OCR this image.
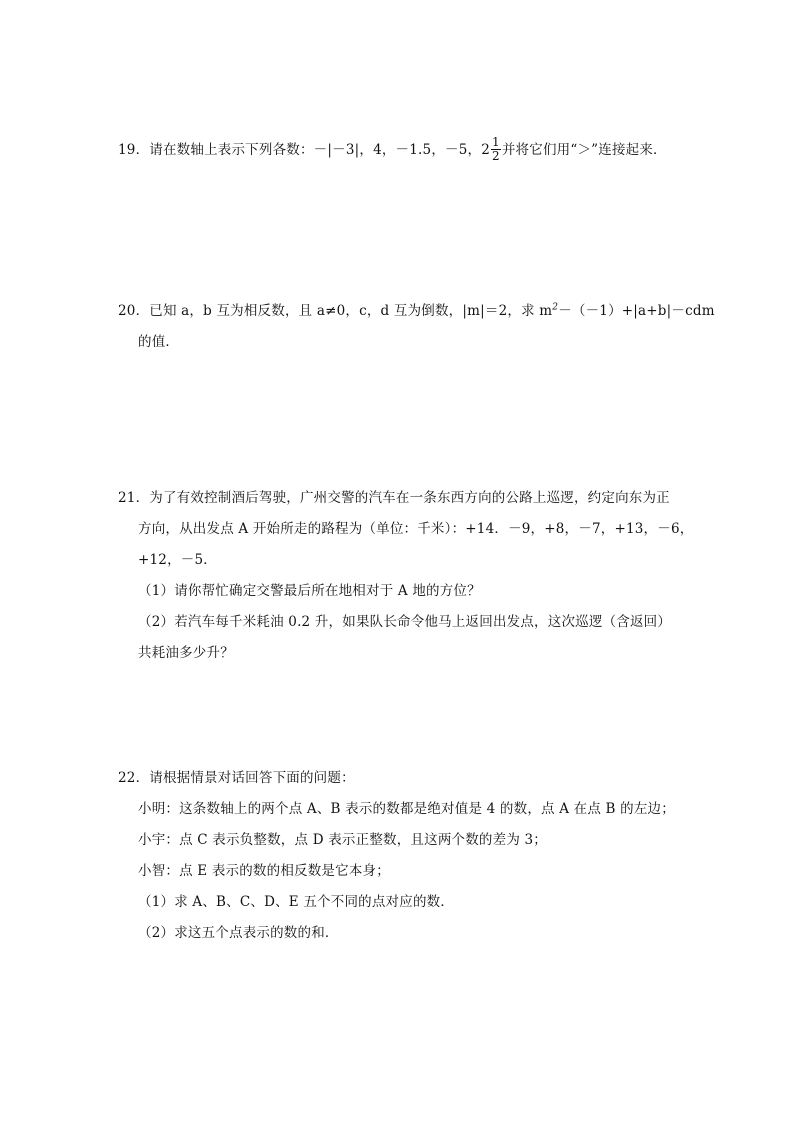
19．请在数轴上表示下列各数：－|－3|，4，－1.5，－5，$2 \frac{1}{2}$ 并将它们用“＞”连接起来．
20．已知 a，b 互为相反数，且 a≠0，c，d 互为倒数，|m|＝2，求 $m^2-(-1)+|a+b|-cdm$
的值．
21．为了有效控制酒后驾驶，广州交警的汽车在一条东西方向的公路上巡逻，约定向东为正
方向，从出发点 A 开始所走的路程为（单位：千米）：+14．－9，+8，－7，+13，－6，
+12，－5．
（1）请你帮忙确定交警最后所在地相对于 A 地的方位？
（2）若汽车每千米耗油 0.2 升，如果队长命令他马上返回出发点，这次巡逻（含返回）
共耗油多少升？
22．请根据情景对话回答下面的问题：
小明：这条数轴上的两个点 A、B 表示的数都是绝对值是 4 的数，点 A 在点 B 的左边；
小宇：点 C 表示负整数，点 D 表示正整数，且这两个数的差为 3；
小智：点 E 表示的数的相反数是它本身；
（1）求 A、B、C、D、E 五个不同的点对应的数．
（2）求这五个点表示的数的和．
